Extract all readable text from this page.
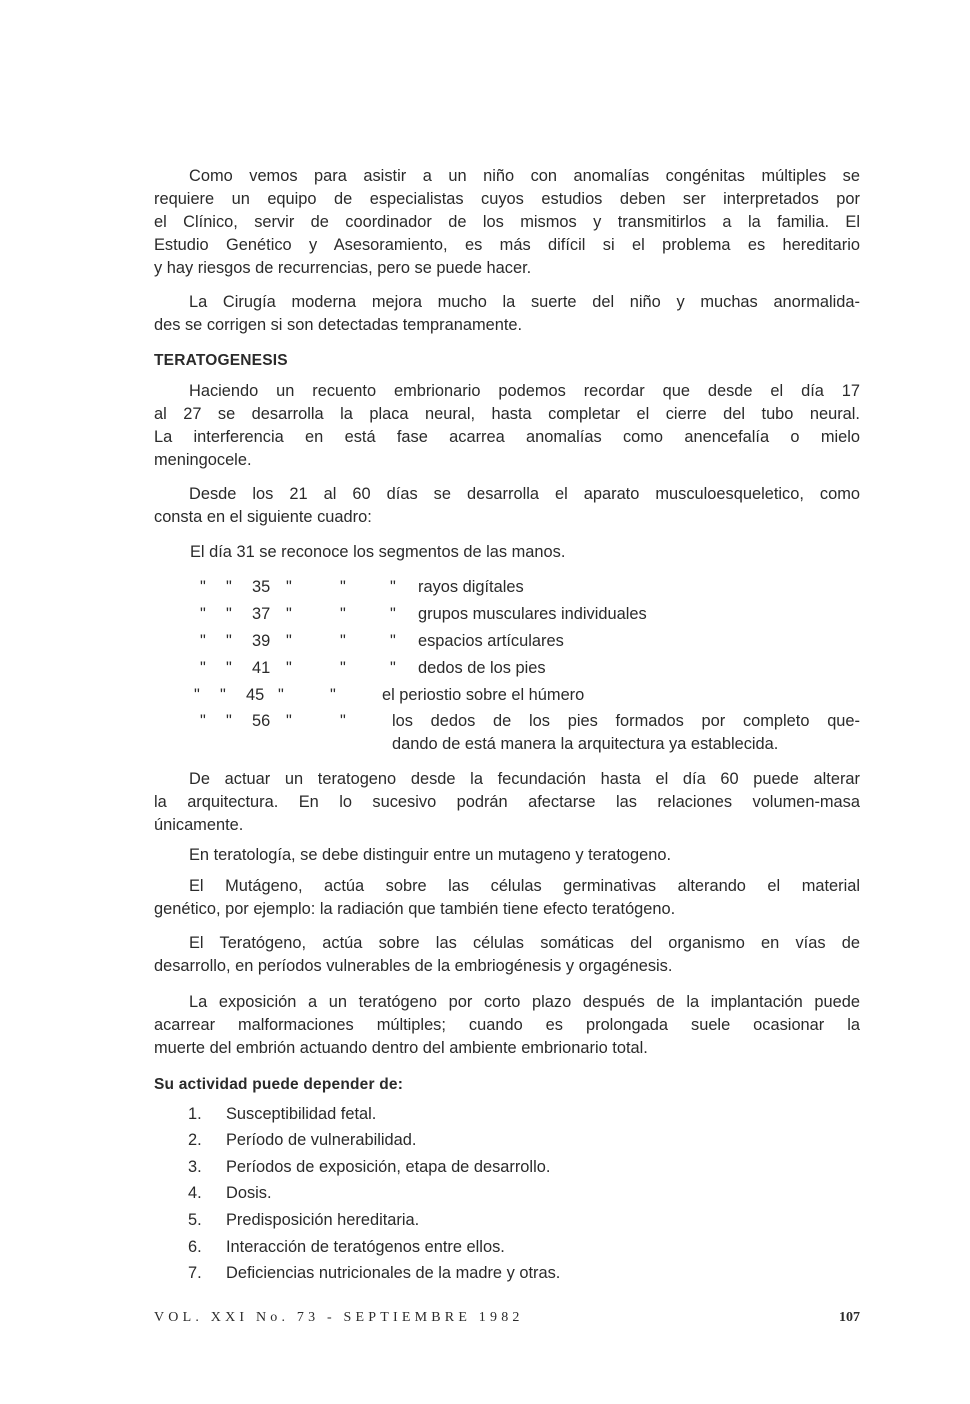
Como vemos para asistir a un niño con anomalías congénitas múltiples se
requiere un equipo de especialistas cuyos estudios deben ser interpretados por
el Clínico, servir de coordinador de los mismos y transmitirlos a la familia. El
Estudio Genético y Asesoramiento, es más difícil si el problema es hereditario
y hay riesgos de recurrencias, pero se puede hacer.
La Cirugía moderna mejora mucho la suerte del niño y muchas anormalida-
des se corrigen si son detectadas tempranamente.
TERATOGENESIS
Haciendo un recuento embrionario podemos recordar que desde el día 17
al 27 se desarrolla la placa neural, hasta completar el cierre del tubo neural.
La interferencia en está fase acarrea anomalías como anencefalía o mielo
meningocele.
Desde los 21 al 60 días se desarrolla el aparato musculoesqueletico, como
consta en el siguiente cuadro:
El día 31 se reconoce los segmentos de las manos.
" " 35 "	"	" rayos digítales
" " 37 "	"	" grupos musculares individuales
" " 39 "	"	" espacios artículares
" " 41 "	"	" dedos de los pies
" " 45 "	"	el periostio sobre el húmero
" " 56 "	"	los dedos de los pies formados por completo que-
dando de está manera la arquitectura ya establecida.
De actuar un teratogeno desde la fecundación hasta el día 60 puede alterar
la arquitectura. En lo sucesivo podrán afectarse las relaciones volumen-masa
únicamente.
En teratología, se debe distinguir entre un mutageno y teratogeno.
El Mutágeno, actúa sobre las células germinativas alterando el material
genético, por ejemplo: la radiación que también tiene efecto teratógeno.
El Teratógeno, actúa sobre las células somáticas del organismo en vías de
desarrollo, en períodos vulnerables de la embriogénesis y orgagénesis.
La exposición a un teratógeno por corto plazo después de la implantación puede
acarrear malformaciones múltiples; cuando es prolongada suele ocasionar la
muerte del embrión actuando dentro del ambiente embrionario total.
Su actividad puede depender de:
1. Susceptibilidad fetal.
2. Período de vulnerabilidad.
3. Períodos de exposición, etapa de desarrollo.
4. Dosis.
5. Predisposición hereditaria.
6. Interacción de teratógenos entre ellos.
7. Deficiencias nutricionales de la madre y otras.
VOL. XXI No. 73 - SEPTIEMBRE 1982	107
